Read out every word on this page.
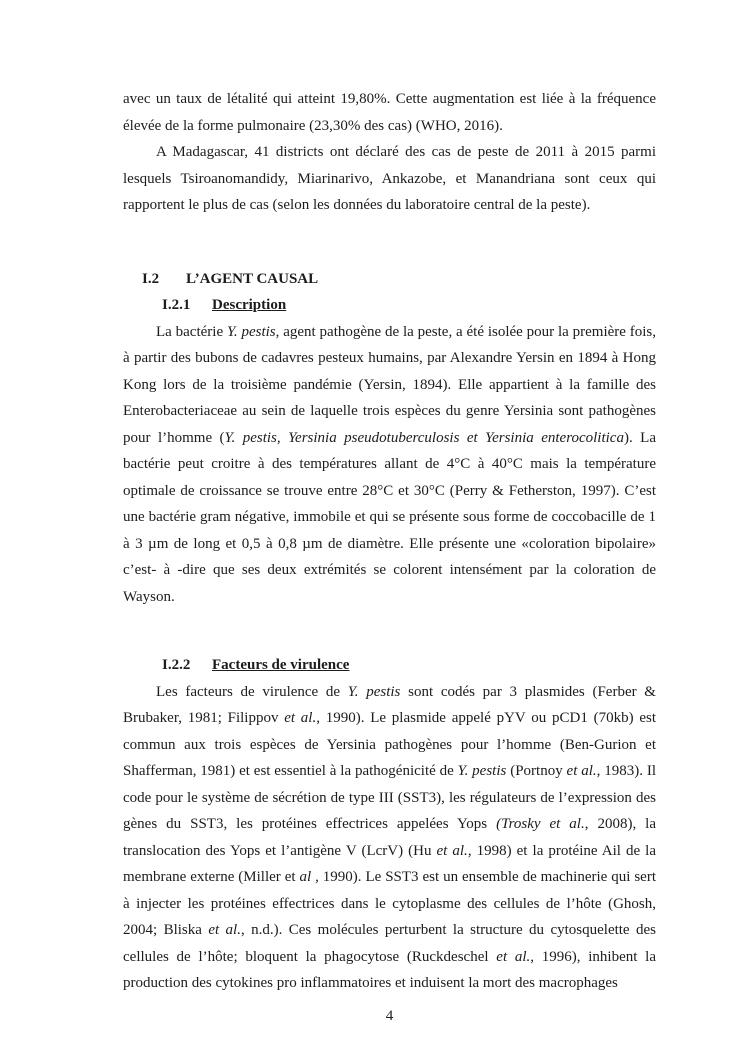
avec un taux de létalité qui atteint 19,80%. Cette augmentation est liée à la fréquence élevée de la forme pulmonaire (23,30% des cas) (WHO, 2016).

A Madagascar, 41 districts ont déclaré des cas de peste de 2011 à 2015 parmi lesquels Tsiroanomandidy, Miarinarivo, Ankazobe, et Manandriana sont ceux qui rapportent le plus de cas (selon les données du laboratoire central de la peste).

I.2	L’AGENT CAUSAL
I.2.1	Description

La bactérie Y. pestis, agent pathogène de la peste, a été isolée pour la première fois, à partir des bubons de cadavres pesteux humains, par Alexandre Yersin en 1894 à Hong Kong lors de la troisième pandémie (Yersin, 1894). Elle appartient à la famille des Enterobacteriaceae au sein de laquelle trois espèces du genre Yersinia sont pathogènes pour l’homme (Y. pestis, Yersinia pseudotuberculosis et Yersinia enterocolitica). La bactérie peut croitre à des températures allant de 4°C à 40°C mais la température optimale de croissance se trouve entre 28°C et 30°C (Perry & Fetherston, 1997). C’est une bactérie gram négative, immobile et qui se présente sous forme de coccobacille de 1 à 3 µm de long et 0,5 à 0,8 µm de diamètre. Elle présente une «coloration bipolaire» c’est- à -dire que ses deux extrémités se colorent intensément par la coloration de Wayson.

I.2.2	Facteurs de virulence

Les facteurs de virulence de Y. pestis sont codés par 3 plasmides (Ferber & Brubaker, 1981; Filippov et al., 1990). Le plasmide appelé pYV ou pCD1 (70kb) est commun aux trois espèces de Yersinia pathogènes pour l’homme (Ben-Gurion et Shafferman, 1981) et est essentiel à la pathogénicité de Y. pestis (Portnoy et al., 1983). Il code pour le système de sécrétion de type III (SST3), les régulateurs de l’expression des gènes du SST3, les protéines effectrices appelées Yops (Trosky et al., 2008), la translocation des Yops et l’antigène V (LcrV) (Hu et al., 1998) et la protéine Ail de la membrane externe (Miller et al , 1990). Le SST3 est un ensemble de machinerie qui sert à injecter les protéines effectrices dans le cytoplasme des cellules de l’hôte (Ghosh, 2004; Bliska et al., n.d.). Ces molécules perturbent la structure du cytosquelette des cellules de l’hôte; bloquent la phagocytose (Ruckdeschel et al., 1996), inhibent la production des cytokines pro inflammatoires et induisent la mort des macrophages

4
